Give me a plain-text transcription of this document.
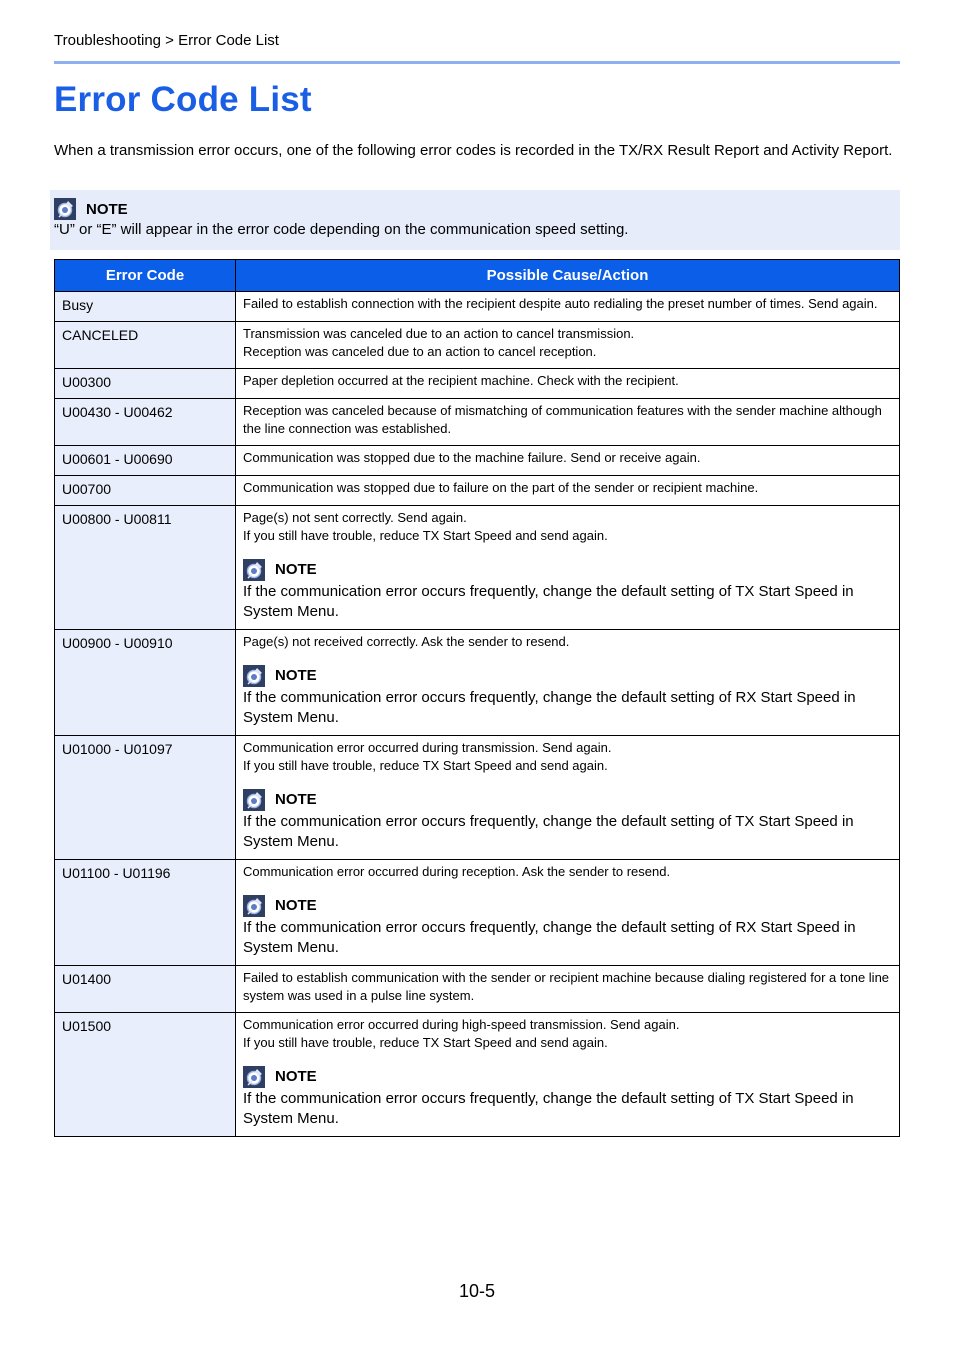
Troubleshooting > Error Code List
Error Code List
When a transmission error occurs, one of the following error codes is recorded in the TX/RX Result Report and Activity Report.
NOTE
“U” or “E” will appear in the error code depending on the communication speed setting.
Error Code	Possible Cause/Action
Busy	Failed to establish connection with the recipient despite auto redialing the preset number of times. Send again.

CANCELED	Transmission was canceled due to an action to cancel transmission.
Reception was canceled due to an action to cancel reception.

U00300	Paper depletion occurred at the recipient machine. Check with the recipient.

U00430 - U00462	Reception was canceled because of mismatching of communication features with the sender machine although the line connection was established.

U00601 - U00690	Communication was stopped due to the machine failure. Send or receive again.

U00700	Communication was stopped due to failure on the part of the sender or recipient machine.

U00800 - U00811	Page(s) not sent correctly. Send again.
If you still have trouble, reduce TX Start Speed and send again.
NOTE
If the communication error occurs frequently, change the default setting of TX Start Speed in System Menu.

U00900 - U00910	Page(s) not received correctly. Ask the sender to resend.
NOTE
If the communication error occurs frequently, change the default setting of RX Start Speed in System Menu.

U01000 - U01097	Communication error occurred during transmission. Send again.
If you still have trouble, reduce TX Start Speed and send again.
NOTE
If the communication error occurs frequently, change the default setting of TX Start Speed in System Menu.

U01100 - U01196	Communication error occurred during reception. Ask the sender to resend.
NOTE
If the communication error occurs frequently, change the default setting of RX Start Speed in System Menu.

U01400	Failed to establish communication with the sender or recipient machine because dialing registered for a tone line system was used in a pulse line system.

U01500	Communication error occurred during high-speed transmission. Send again.
If you still have trouble, reduce TX Start Speed and send again.
NOTE
If the communication error occurs frequently, change the default setting of TX Start Speed in System Menu.
10-5
